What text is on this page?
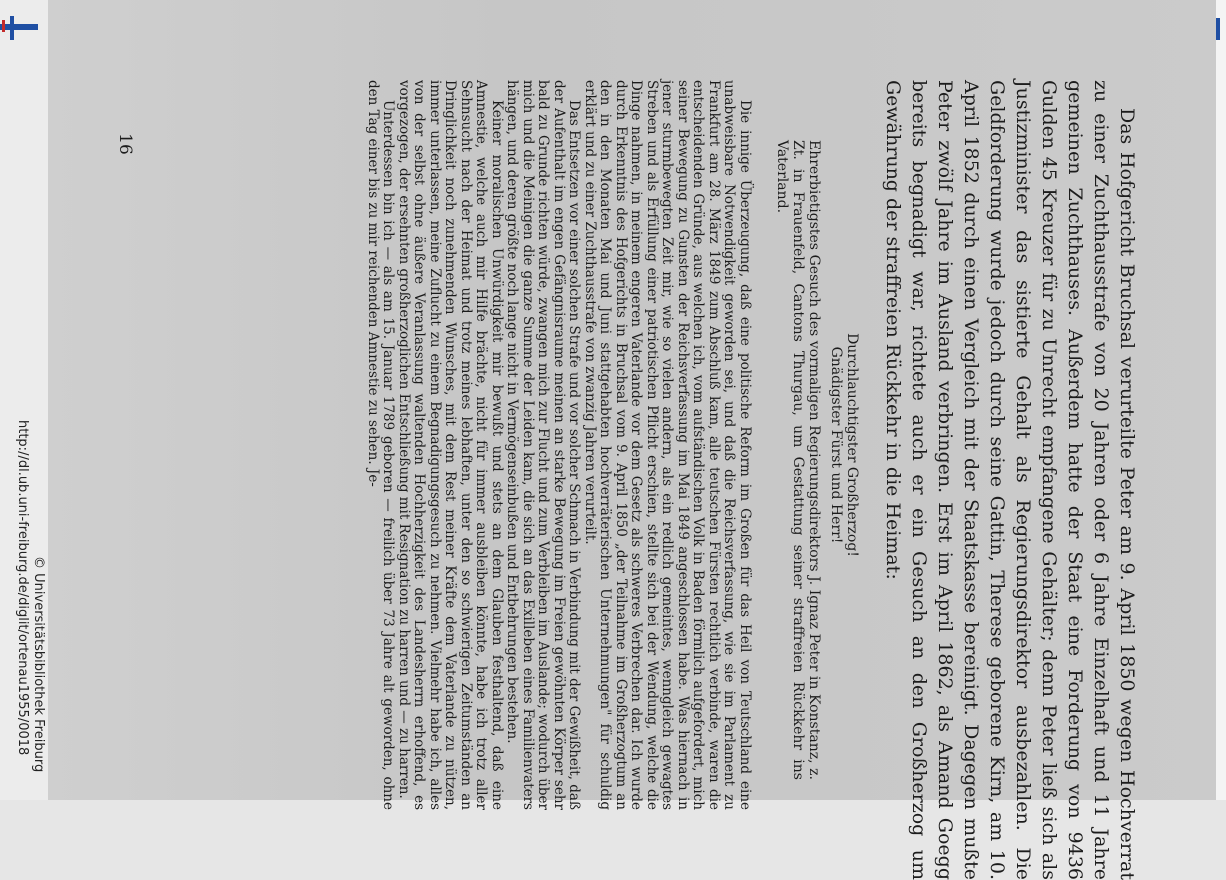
http://dl.ub.uni-freiburg.de/diglit/ortenau1955/0018 © Universitätsbibliothek Freiburg	Das Hofgericht Bruchsal verurteilte Peter am 9. April 1850 wegen Hochverrat zu einer Zuchthausstrafe von 20 Jahren oder 6 Jahre Einzelhaft und 11 Jahre gemeinen Zuchthauses. Außerdem hatte der Staat eine Forderung von 9436 Gulden 45 Kreuzer für zu Unrecht empfangene Gehälter; denn Peter ließ sich als Justizminister das sistierte Gehalt als Regierungsdirektor ausbezahlen. Die Geldforderung wurde jedoch durch seine Gattin, Therese geborene Kirn, am 10. April 1852 durch einen Vergleich mit der Staatskasse bereinigt. Dagegen mußte Peter zwölf Jahre im Ausland verbringen. Erst im April 1862, als Amand Goegg bereits begnadigt war, richtete auch er ein Gesuch an den Großherzog um Gewährung der straffreien Rückkehr in die Heimat:

Durchlauchtigster Großherzog!
Gnädigster Fürst und Herr!
Ehrerbietigstes Gesuch des vormaligen Regierungsdirektors J. Ignaz Peter in Konstanz, z. Zt. in Frauenfeld, Cantons Thurgau, um Gestattung seiner straffreien Rückkehr ins Vaterland.

Die innige Überzeugung, daß eine politische Reform im Großen für das Heil von Teutschland eine unabweisbare Notwendigkeit geworden sei, und daß die Reichsverfassung, wie sie im Parlament zu Frankfurt am 28. März 1849 zum Abschluß kam, alle teutschen Fürsten rechtlich verbinde, waren die entscheidenden Gründe, aus welchen ich, vom aufständischen Volk in Baden förmlich aufgefordert, mich seiner Bewegung zu Gunsten der Reichsverfassung im Mai 1849 angeschlossen habe. Was hiernach in jener sturmbewegten Zeit mir, wie so vielen andern, als ein redlich gemeintes, wenngleich gewagtes Streben und als Erfüllung einer patriotischen Pflicht erschien, stellte sich bei der Wendung, welche die Dinge nahmen, in meinem engeren Vaterlande vor dem Gesetz als schweres Verbrechen dar. Ich wurde durch Erkenntnis des Hofgerichts in Bruchsal vom 9. April 1850 „der Teilnahme im Großherzogtum an den in den Monaten Mai und Juni stattgehabten hochverräterischen Unternehmungen" für schuldig erklärt und zu einer Zuchthausstrafe von zwanzig Jahren verurteilt.

Das Entsetzen vor einer solchen Strafe und vor solcher Schmach in Verbindung mit der Gewißheit, daß der Aufenthalt im engen Gefängnisraume meinen an starke Bewegung im Freien gewöhnten Körper sehr bald zu Grunde richten würde, zwangen mich zur Flucht und zum Verbleiben im Auslande; wodurch über mich und die Meinigen die ganze Summe der Leiden kam, die sich an das Exilleben eines Familienvaters hängen, und deren größte noch lange nicht in Vermögenseinbußen und Entbehrungen bestehen.

Keiner moralischen Unwürdigkeit mir bewußt und stets an dem Glauben festhaltend, daß eine Amnestie, welche auch mir Hilfe brächte, nicht für immer ausbleiben könnte, habe ich trotz aller Sehnsucht nach der Heimat und trotz meines lebhaften, unter den so schwierigen Zeitumständen an Dringlichkeit noch zunehmenden Wunsches, mit dem Rest meiner Kräfte dem Vaterlande zu nützen, immer unterlassen, meine Zuflucht zu einem Begnadigungsgesuch zu nehmen. Vielmehr habe ich, alles von der selbst ohne äußere Veranlassung waltenden Hochherzigkeit des Landesherrn erhoffend, es vorgezogen, der ersehnten großherzoglichen Entschließung mit Resignation zu harren und — zu harren.

Unterdessen bin ich — als am 15. Januar 1789 geboren — freilich über 73 Jahre alt geworden, ohne den Tag einer bis zu mir reichenden Amnestie zu sehen. Je-

16
